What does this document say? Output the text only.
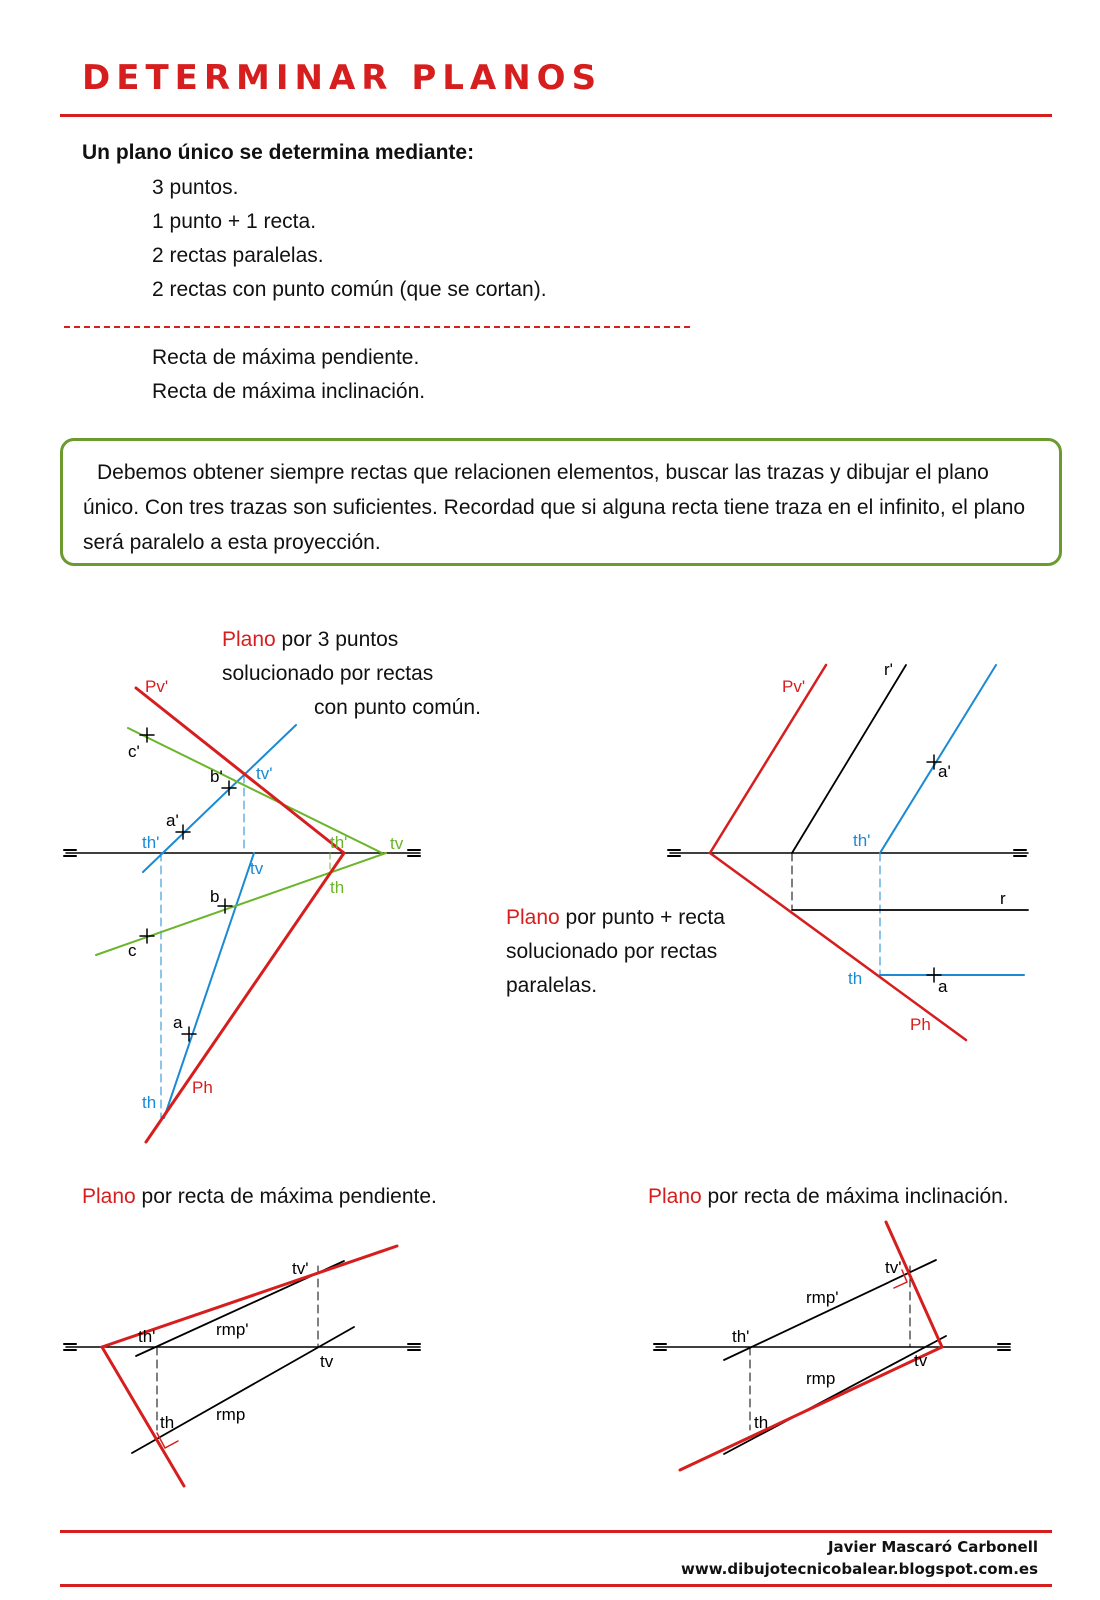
DETERMINAR PLANOS
Un plano único se determina mediante:
3 puntos.
1 punto + 1 recta.
2 rectas paralelas.
2 rectas con punto común (que se cortan).
Recta de máxima pendiente.
Recta de máxima inclinación.
Debemos obtener siempre rectas que relacionen elementos, buscar las trazas y dibujar el plano único. Con tres trazas son suficientes. Recordad que si alguna recta tiene traza en el infinito, el plano será paralelo a esta proyección.
Plano por 3 puntos
solucionado por rectas
con punto común.
Plano por punto + recta
solucionado por rectas
paralelas.
Plano por recta de máxima pendiente.	Plano por recta de máxima inclinación.
Pv'
c'
b' tv'
a'
th'	th'	tv
tv
th
b
c
a
Ph
th
Pv'
r'
a'
th'
r
th	a
Ph
tv'
th'	rmp'
tv
th rmp
tv'
rmp'
th'
rmp
tv
th
Javier Mascaró Carbonell
www.dibujotecnicobalear.blogspot.com.es
